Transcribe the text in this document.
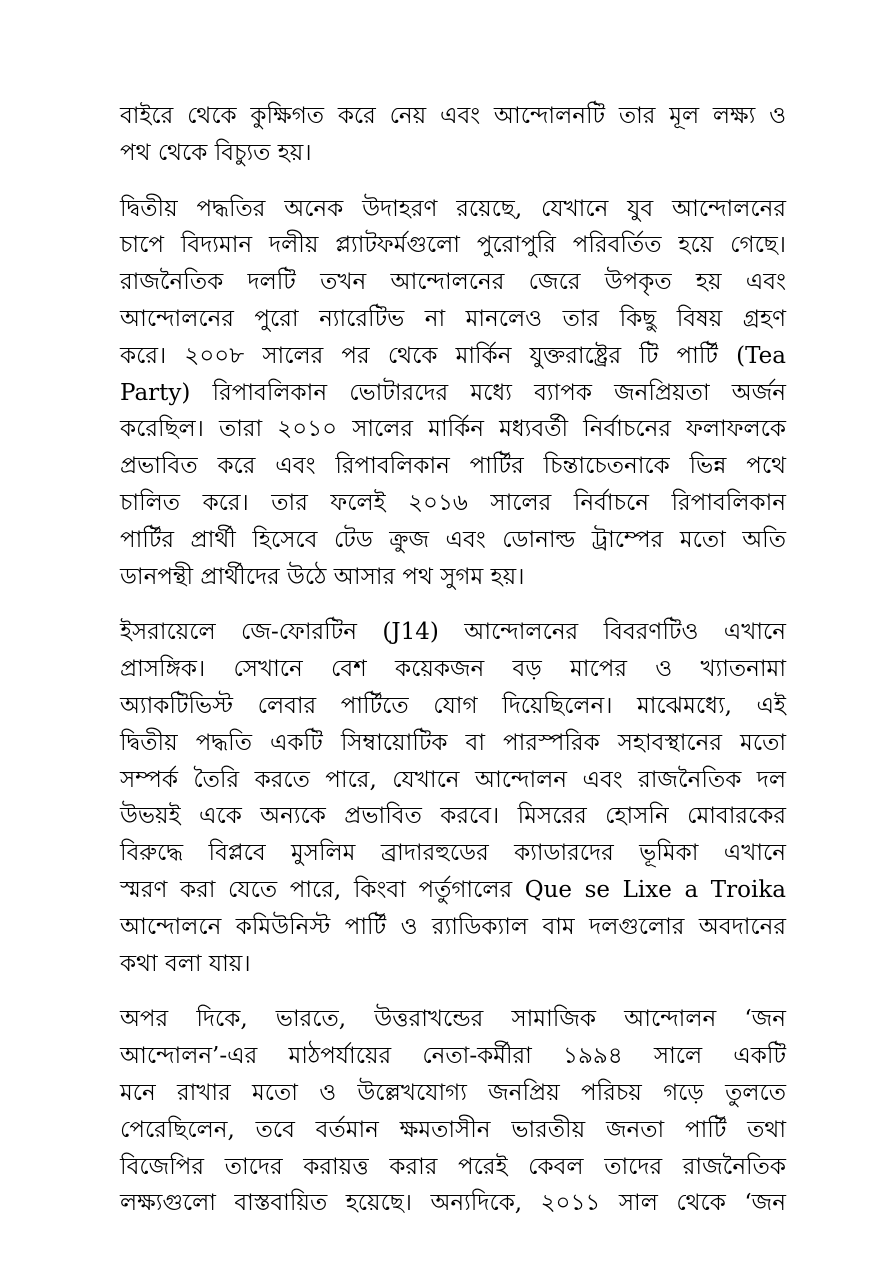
বাইরে থেকে কুক্ষিগত করে নেয় এবং আন্দোলনটি তার মূল লক্ষ্য ও
পথ থেকে বিচ্যুত হয়।
দ্বিতীয় পদ্ধতির অনেক উদাহরণ রয়েছে, যেখানে যুব আন্দোলনের
চাপে বিদ্যমান দলীয় প্ল্যাটফর্মগুলো পুরোপুরি পরিবর্তিত হয়ে গেছে।
রাজনৈতিক দলটি তখন আন্দোলনের জেরে উপকৃত হয় এবং
আন্দোলনের পুরো ন্যারেটিভ না মানলেও তার কিছু বিষয় গ্রহণ
করে। ২০০৮ সালের পর থেকে মার্কিন যুক্তরাষ্ট্রের টি পার্টি (Tea
Party) রিপাবলিকান ভোটারদের মধ্যে ব্যাপক জনপ্রিয়তা অর্জন
করেছিল। তারা ২০১০ সালের মার্কিন মধ্যবর্তী নির্বাচনের ফলাফলকে
প্রভাবিত করে এবং রিপাবলিকান পার্টির চিন্তাচেতনাকে ভিন্ন পথে
চালিত করে। তার ফলেই ২০১৬ সালের নির্বাচনে রিপাবলিকান
পার্টির প্রার্থী হিসেবে টেড ক্রুজ এবং ডোনাল্ড ট্রাম্পের মতো অতি
ডানপন্থী প্রার্থীদের উঠে আসার পথ সুগম হয়।
ইসরায়েলে জে-ফোরটিন (J14) আন্দোলনের বিবরণটিও এখানে
প্রাসঙ্গিক। সেখানে বেশ কয়েকজন বড় মাপের ও খ্যাতনামা
অ্যাকটিভিস্ট লেবার পার্টিতে যোগ দিয়েছিলেন। মাঝেমধ্যে, এই
দ্বিতীয় পদ্ধতি একটি সিম্বায়োটিক বা পারস্পরিক সহাবস্থানের মতো
সম্পর্ক তৈরি করতে পারে, যেখানে আন্দোলন এবং রাজনৈতিক দল
উভয়ই একে অন্যকে প্রভাবিত করবে। মিসরের হোসনি মোবারকের
বিরুদ্ধে বিপ্লবে মুসলিম ব্রাদারহুডের ক্যাডারদের ভূমিকা এখানে
স্মরণ করা যেতে পারে, কিংবা পর্তুগালের Que se Lixe a Troika
আন্দোলনে কমিউনিস্ট পার্টি ও র‍্যাডিক্যাল বাম দলগুলোর অবদানের
কথা বলা যায়।
অপর দিকে, ভারতে, উত্তরাখন্ডের সামাজিক আন্দোলন ‘জন
আন্দোলন’-এর মাঠপর্যায়ের নেতা-কর্মীরা ১৯৯৪ সালে একটি
মনে রাখার মতো ও উল্লেখযোগ্য জনপ্রিয় পরিচয় গড়ে তুলতে
পেরেছিলেন, তবে বর্তমান ক্ষমতাসীন ভারতীয় জনতা পার্টি তথা
বিজেপির তাদের করায়ত্ত করার পরেই কেবল তাদের রাজনৈতিক
লক্ষ্যগুলো বাস্তবায়িত হয়েছে। অন্যদিকে, ২০১১ সাল থেকে ‘জন
